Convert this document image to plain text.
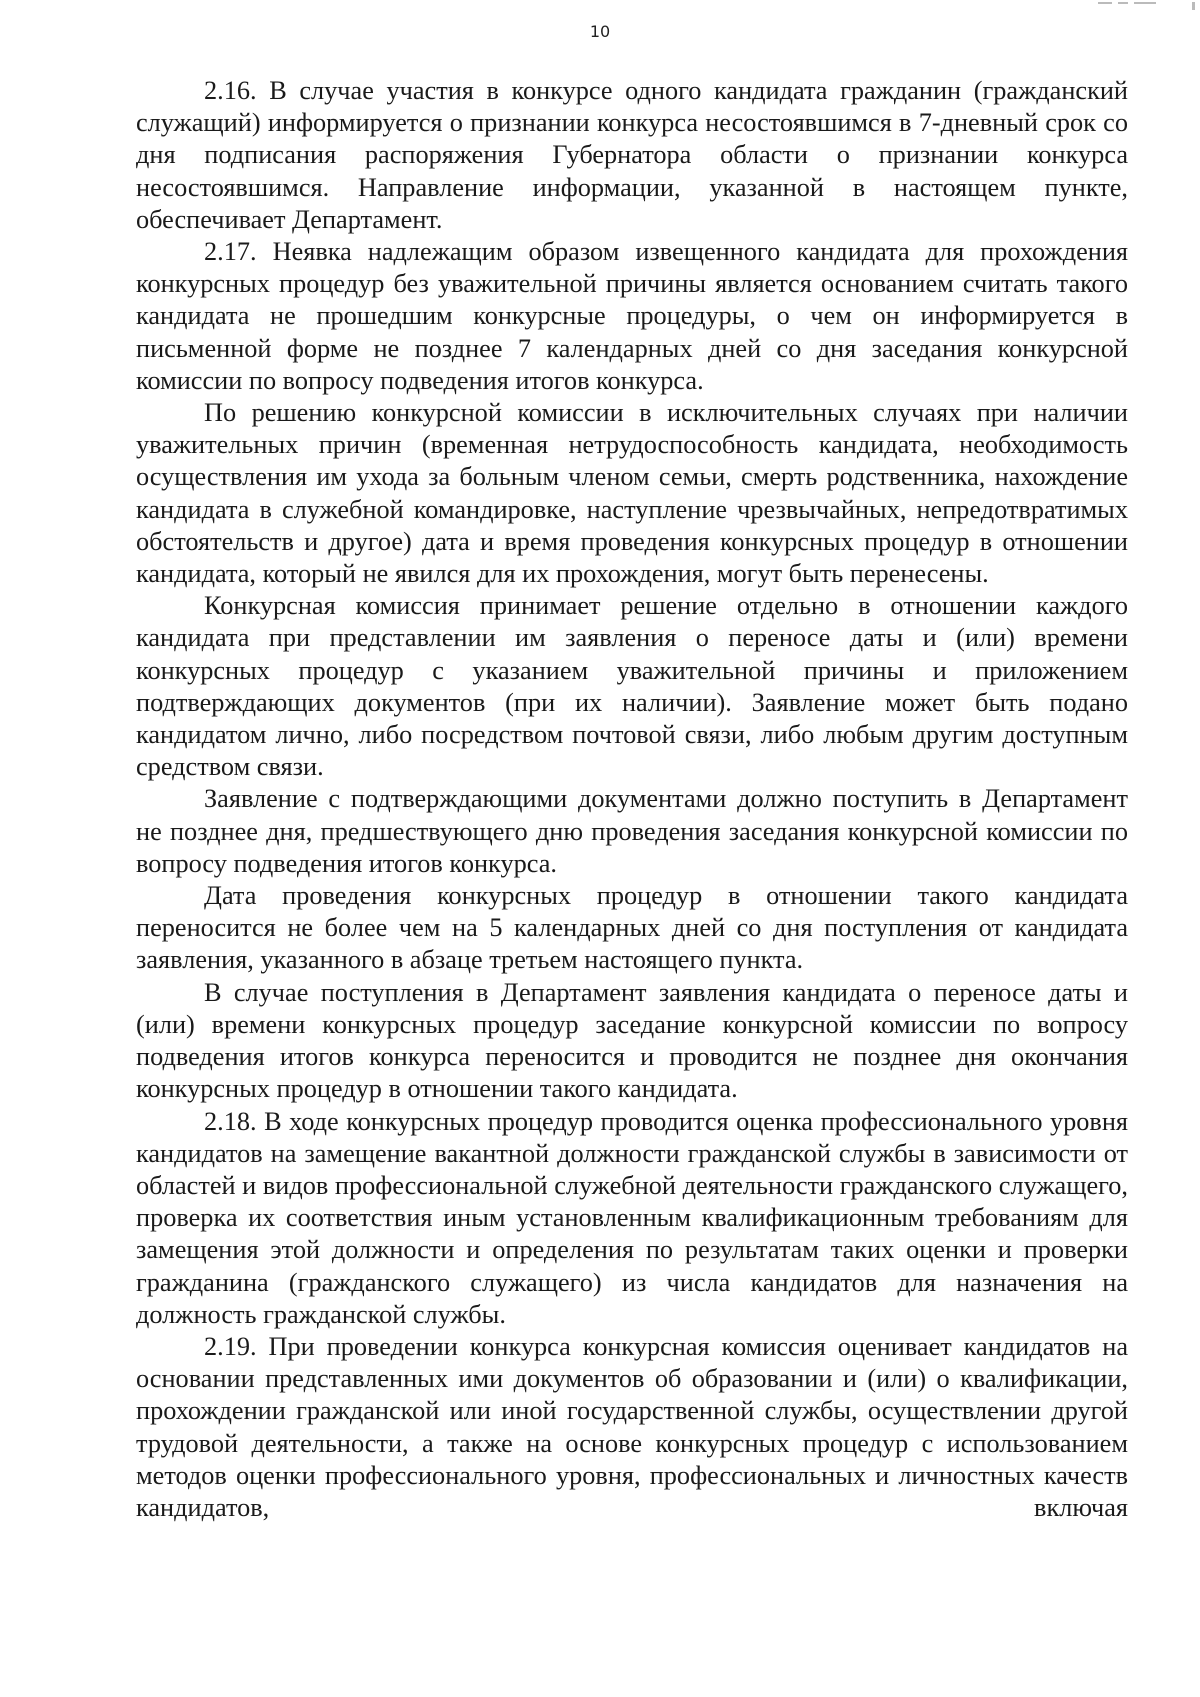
10

2.16. В случае участия в конкурсе одного кандидата гражданин (гражданский служащий) информируется о признании конкурса несостоявшимся в 7-дневный срок со дня подписания распоряжения Губернатора области о признании конкурса несостоявшимся. Направление информации, указанной в настоящем пункте, обеспечивает Департамент.

2.17. Неявка надлежащим образом извещенного кандидата для прохождения конкурсных процедур без уважительной причины является основанием считать такого кандидата не прошедшим конкурсные процедуры, о чем он информируется в письменной форме не позднее 7 календарных дней со дня заседания конкурсной комиссии по вопросу подведения итогов конкурса.

По решению конкурсной комиссии в исключительных случаях при наличии уважительных причин (временная нетрудоспособность кандидата, необходимость осуществления им ухода за больным членом семьи, смерть родственника, нахождение кандидата в служебной командировке, наступление чрезвычайных, непредотвратимых обстоятельств и другое) дата и время проведения конкурсных процедур в отношении кандидата, который не явился для их прохождения, могут быть перенесены.

Конкурсная комиссия принимает решение отдельно в отношении каждого кандидата при представлении им заявления о переносе даты и (или) времени конкурсных процедур с указанием уважительной причины и приложением подтверждающих документов (при их наличии). Заявление может быть подано кандидатом лично, либо посредством почтовой связи, либо любым другим доступным средством связи.

Заявление с подтверждающими документами должно поступить в Департамент не позднее дня, предшествующего дню проведения заседания конкурсной комиссии по вопросу подведения итогов конкурса.

Дата проведения конкурсных процедур в отношении такого кандидата переносится не более чем на 5 календарных дней со дня поступления от кандидата заявления, указанного в абзаце третьем настоящего пункта.

В случае поступления в Департамент заявления кандидата о переносе даты и (или) времени конкурсных процедур заседание конкурсной комиссии по вопросу подведения итогов конкурса переносится и проводится не позднее дня окончания конкурсных процедур в отношении такого кандидата.

2.18. В ходе конкурсных процедур проводится оценка профессионального уровня кандидатов на замещение вакантной должности гражданской службы в зависимости от областей и видов профессиональной служебной деятельности гражданского служащего, проверка их соответствия иным установленным квалификационным требованиям для замещения этой должности и определения по результатам таких оценки и проверки гражданина (гражданского служащего) из числа кандидатов для назначения на должность гражданской службы.

2.19. При проведении конкурса конкурсная комиссия оценивает кандидатов на основании представленных ими документов об образовании и (или) о квалификации, прохождении гражданской или иной государственной службы, осуществлении другой трудовой деятельности, а также на основе конкурсных процедур с использованием методов оценки профессионального уровня, профессиональных и личностных качеств кандидатов, включая
